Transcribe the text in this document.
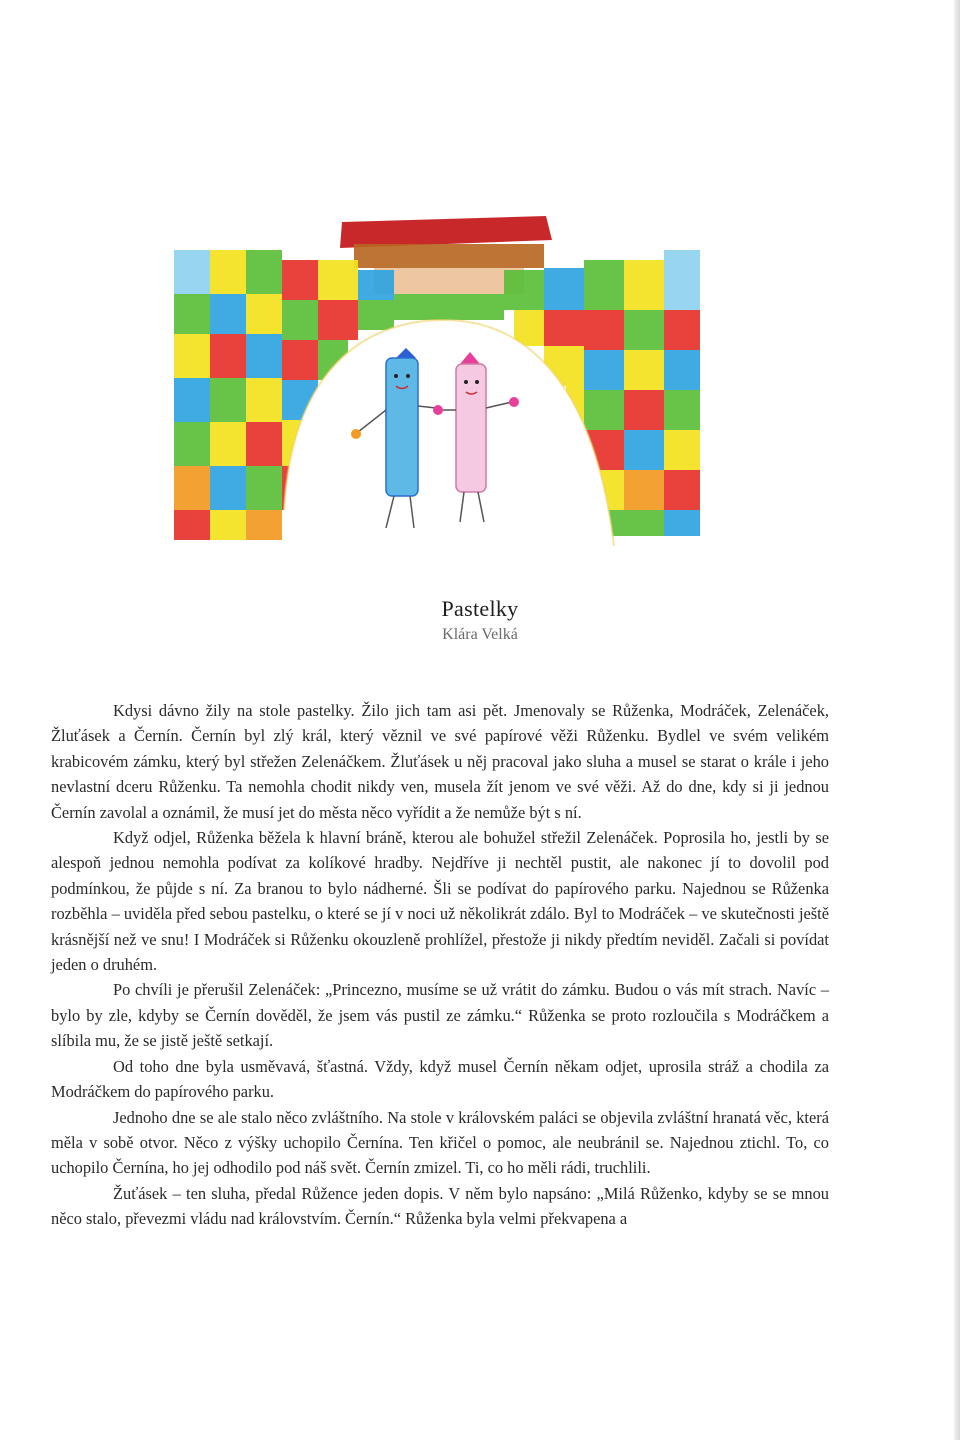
Pastelky
Klára Velká

Kdysi dávno žily na stole pastelky. Žilo jich tam asi pět. Jmenovaly se Růženka, Modráček, Zelenáček, Žluťásek a Černín. Černín byl zlý král, který věznil ve své papírové věži Růženku. Bydlel ve svém velikém krabicovém zámku, který byl střežen Zelenáčkem. Žluťásek u něj pracoval jako sluha a musel se starat o krále i jeho nevlastní dceru Růženku. Ta nemohla chodit nikdy ven, musela žít jenom ve své věži. Až do dne, kdy si ji jednou Černín zavolal a oznámil, že musí jet do města něco vyřídit a že nemůže být s ní.

Když odjel, Růženka běžela k hlavní bráně, kterou ale bohužel střežil Zelenáček. Poprosila ho, jestli by se alespoň jednou nemohla podívat za kolíkové hradby. Nejdříve ji nechtěl pustit, ale nakonec jí to dovolil pod podmínkou, že půjde s ní. Za branou to bylo nádherné. Šli se podívat do papírového parku. Najednou se Růženka rozběhla – uviděla před sebou pastelku, o které se jí v noci už několikrát zdálo. Byl to Modráček – ve skutečnosti ještě krásnější než ve snu! I Modráček si Růženku okouzleně prohlížel, přestože ji nikdy předtím neviděl. Začali si povídat jeden o druhém.

Po chvíli je přerušil Zelenáček: „Princezno, musíme se už vrátit do zámku. Budou o vás mít strach. Navíc – bylo by zle, kdyby se Černín dověděl, že jsem vás pustil ze zámku.“ Růženka se proto rozloučila s Modráčkem a slíbila mu, že se jistě ještě setkají.

Od toho dne byla usměvavá, šťastná. Vždy, když musel Černín někam odjet, uprosila stráž a chodila za Modráčkem do papírového parku.

Jednoho dne se ale stalo něco zvláštního. Na stole v královském paláci se objevila zvláštní hranatá věc, která měla v sobě otvor. Něco z výšky uchopilo Černína. Ten křičel o pomoc, ale neubránil se. Najednou ztichl. To, co uchopilo Černína, ho jej odhodilo pod náš svět. Černín zmizel. Ti, co ho měli rádi, truchlili.

Žuťásek – ten sluha, předal Růžence jeden dopis. V něm bylo napsáno: „Milá Růženko, kdyby se se mnou něco stalo, převezmi vládu nad královstvím. Černín.“ Růženka byla velmi překvapena a
